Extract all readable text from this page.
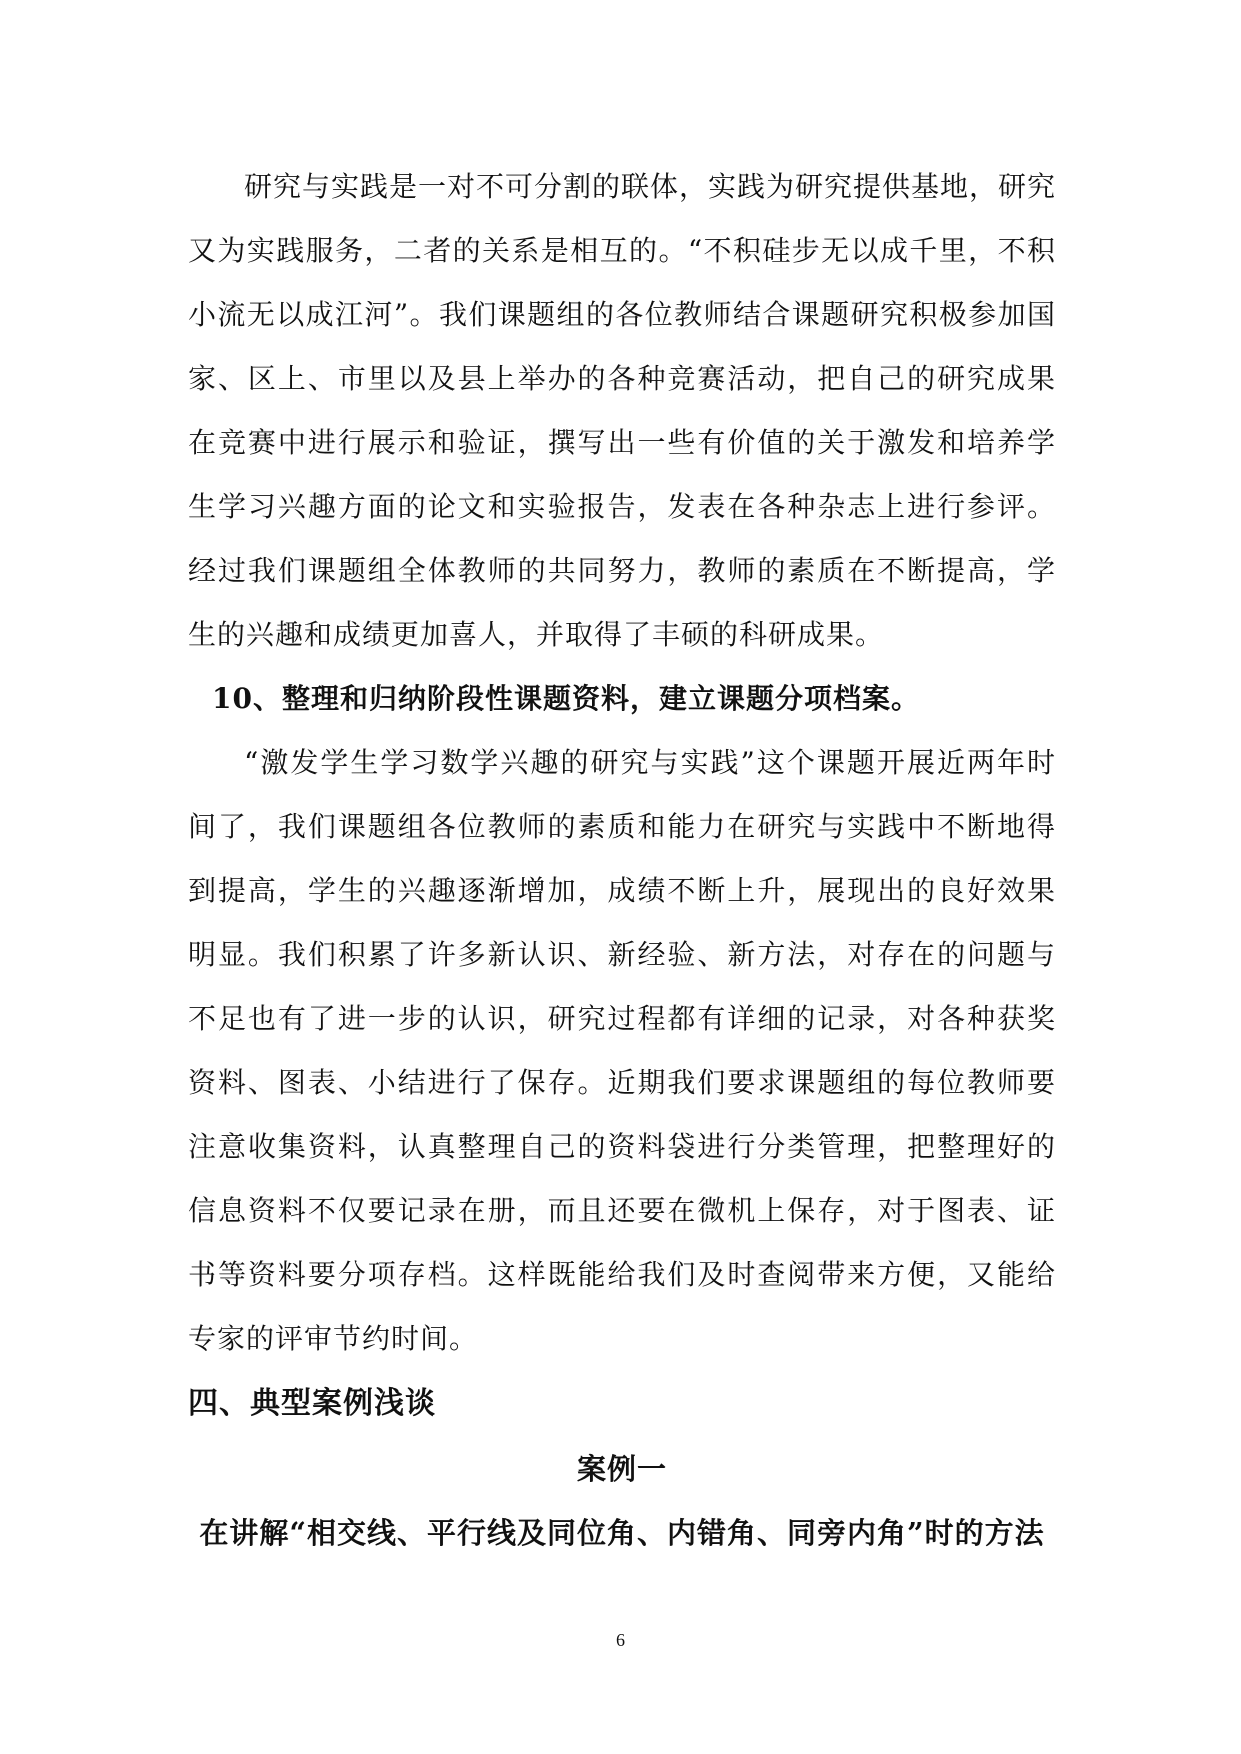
研究与实践是一对不可分割的联体，实践为研究提供基地，研究又为实践服务，二者的关系是相互的。“不积硅步无以成千里，不积小流无以成江河”。我们课题组的各位教师结合课题研究积极参加国家、区上、市里以及县上举办的各种竞赛活动，把自己的研究成果在竞赛中进行展示和验证，撰写出一些有价值的关于激发和培养学生学习兴趣方面的论文和实验报告，发表在各种杂志上进行参评。经过我们课题组全体教师的共同努力，教师的素质在不断提高，学生的兴趣和成绩更加喜人，并取得了丰硕的科研成果。

10、整理和归纳阶段性课题资料，建立课题分项档案。

“激发学生学习数学兴趣的研究与实践”这个课题开展近两年时间了，我们课题组各位教师的素质和能力在研究与实践中不断地得到提高，学生的兴趣逐渐增加，成绩不断上升，展现出的良好效果明显。我们积累了许多新认识、新经验、新方法，对存在的问题与不足也有了进一步的认识，研究过程都有详细的记录，对各种获奖资料、图表、小结进行了保存。近期我们要求课题组的每位教师要注意收集资料，认真整理自己的资料袋进行分类管理，把整理好的信息资料不仅要记录在册，而且还要在微机上保存，对于图表、证书等资料要分项存档。这样既能给我们及时查阅带来方便，又能给专家的评审节约时间。

四、典型案例浅谈

案例一

在讲解“相交线、平行线及同位角、内错角、同旁内角”时的方法

6
